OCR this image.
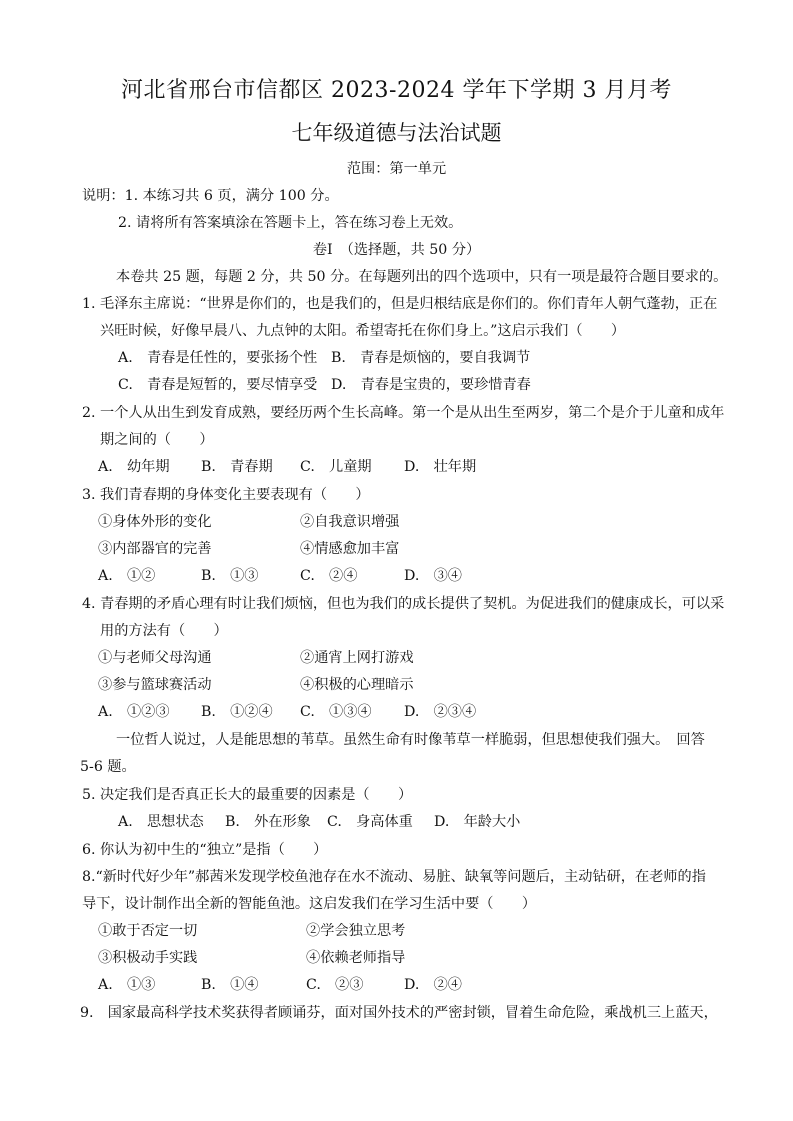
河北省邢台市信都区 2023-2024 学年下学期 3 月月考
七年级道德与法治试题
范围：第一单元
说明：1. 本练习共 6 页，满分 100 分。
2. 请将所有答案填涂在答题卡上，答在练习卷上无效。
卷Ⅰ　（选择题，共 50 分）
本卷共 25 题，每题 2 分，共 50 分。在每题列出的四个选项中，只有一项是最符合题目要求的。
1. 毛泽东主席说：“世界是你们的，也是我们的，但是归根结底是你们的。你们青年人朝气蓬勃，正在
兴旺时候，好像早晨八、九点钟的太阳。希望寄托在你们身上。”这启示我们（　　）
A.　青春是任性的，要张扬个性 B.　青春是烦恼的，要自我调节
C.　青春是短暂的，要尽情享受 D.　青春是宝贵的，要珍惜青春
2. 一个人从出生到发育成熟，要经历两个生长高峰。第一个是从出生至两岁，第二个是介于儿童和成年
期之间的（　　）
A.　幼年期 B.　青春期 C.　儿童期 D.　壮年期
3. 我们青春期的身体变化主要表现有（　　）
①身体外形的变化	②自我意识增强
③内部器官的完善	④情感愈加丰富
A.　①②	B.　①③	C.　②④	D.　③④
4. 青春期的矛盾心理有时让我们烦恼，但也为我们的成长提供了契机。为促进我们的健康成长，可以采
用的方法有（　　）
①与老师父母沟通	②通宵上网打游戏
③参与篮球赛活动	④积极的心理暗示
A.　①②③ B.　①②④ C.　①③④ D.　②③④
一位哲人说过，人是能思想的苇草。虽然生命有时像苇草一样脆弱，但思想使我们强大。　回答
5-6 题。
5. 决定我们是否真正长大的最重要的因素是（　　）
A.　思想状态 B.　外在形象 C.　身高体重 D.　年龄大小
6. 你认为初中生的“独立”是指（　　）
8.“新时代好少年”郝茜米发现学校鱼池存在水不流动、易脏、缺氧等问题后，主动钻研，在老师的指
导下，设计制作出全新的智能鱼池。这启发我们在学习生活中要（　　）
①敢于否定一切	②学会独立思考
③积极动手实践	④依赖老师指导
A.　①③	B.　①④	C.　②③	D.　②④
9.　国家最高科学技术奖获得者顾诵芬，面对国外技术的严密封锁，冒着生命危险，乘战机三上蓝天，
